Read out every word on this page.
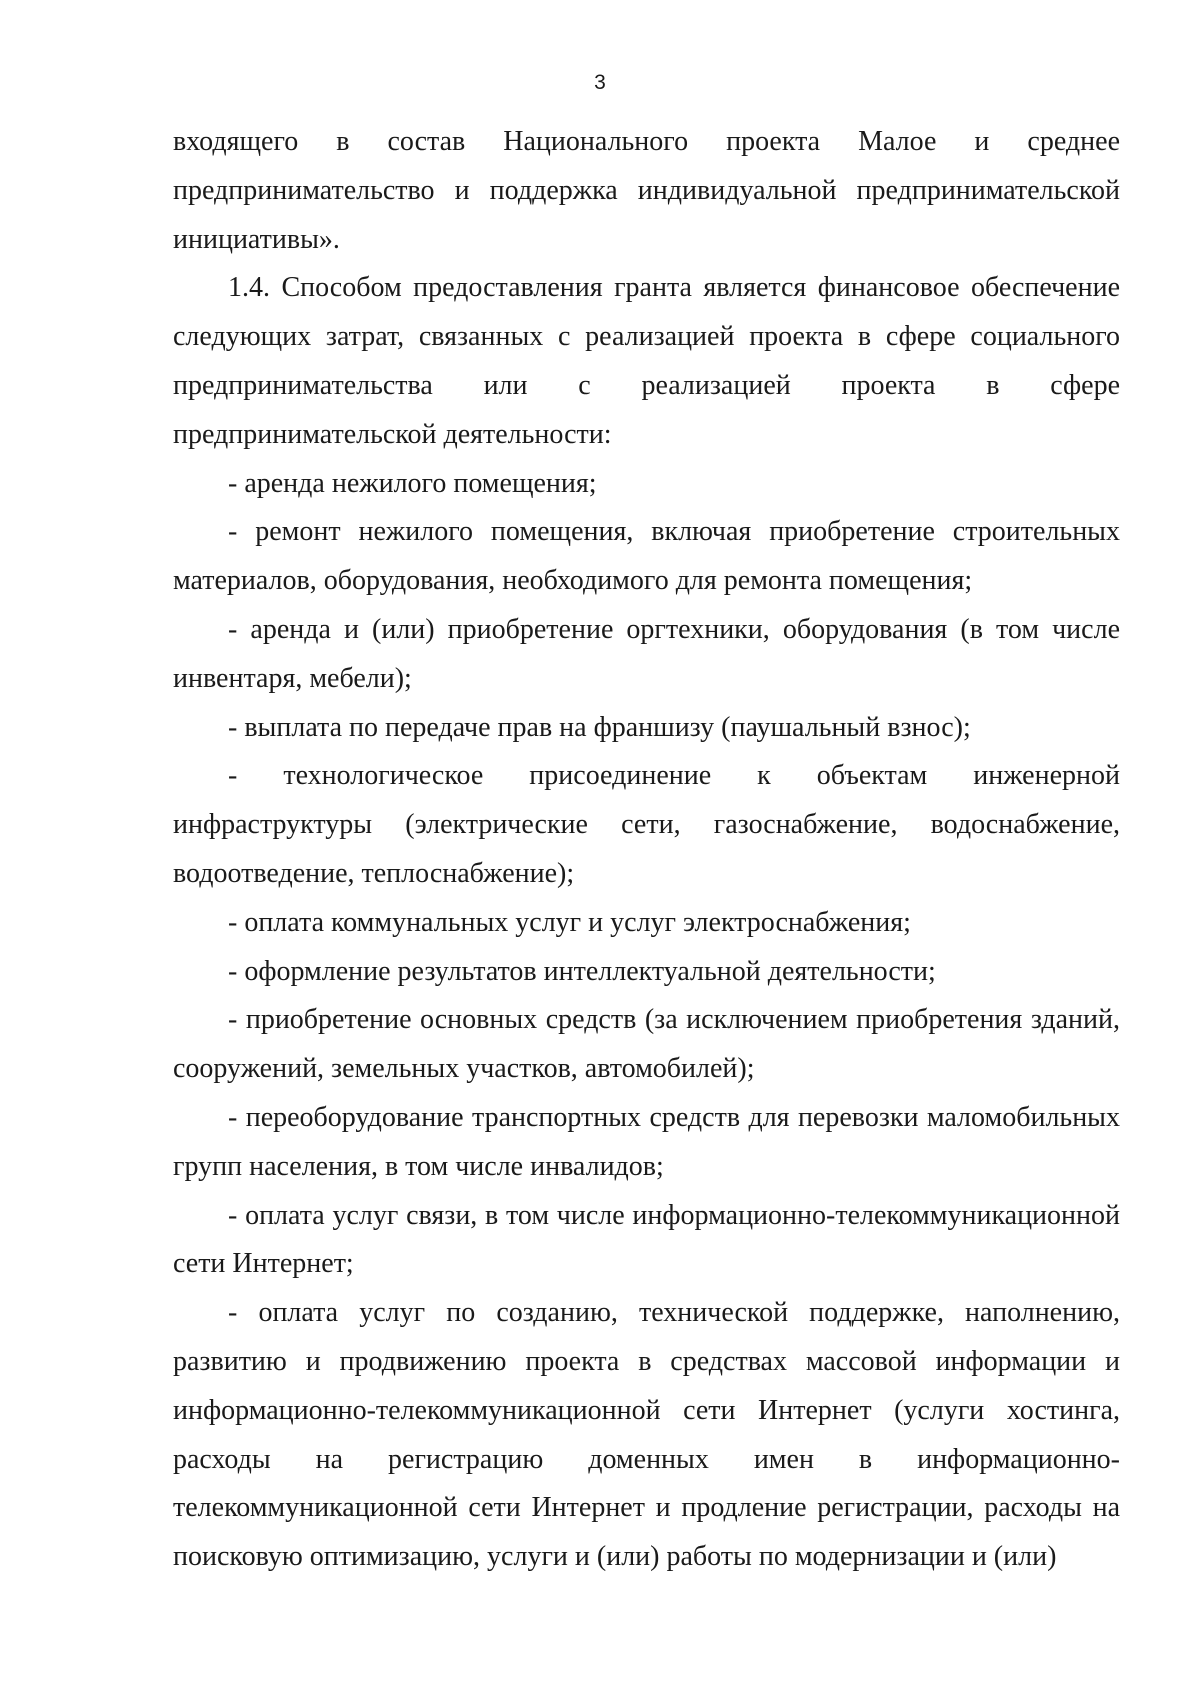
3

входящего в состав Национального проекта Малое и среднее предпринимательство и поддержка индивидуальной предпринимательской инициативы».

1.4. Способом предоставления гранта является финансовое обеспечение следующих затрат, связанных с реализацией проекта в сфере социального предпринимательства или с реализацией проекта в сфере предпринимательской деятельности:

- аренда нежилого помещения;

- ремонт нежилого помещения, включая приобретение строительных материалов, оборудования, необходимого для ремонта помещения;

- аренда и (или) приобретение оргтехники, оборудования (в том числе инвентаря, мебели);

- выплата по передаче прав на франшизу (паушальный взнос);

- технологическое присоединение к объектам инженерной инфраструктуры (электрические сети, газоснабжение, водоснабжение, водоотведение, теплоснабжение);

- оплата коммунальных услуг и услуг электроснабжения;

- оформление результатов интеллектуальной деятельности;

- приобретение основных средств (за исключением приобретения зданий, сооружений, земельных участков, автомобилей);

- переоборудование транспортных средств для перевозки маломобильных групп населения, в том числе инвалидов;

- оплата услуг связи, в том числе информационно-телекоммуникационной сети Интернет;

- оплата услуг по созданию, технической поддержке, наполнению, развитию и продвижению проекта в средствах массовой информации и информационно-телекоммуникационной сети Интернет (услуги хостинга, расходы на регистрацию доменных имен в информационно-телекоммуникационной сети Интернет и продление регистрации, расходы на поисковую оптимизацию, услуги и (или) работы по модернизации и (или)
